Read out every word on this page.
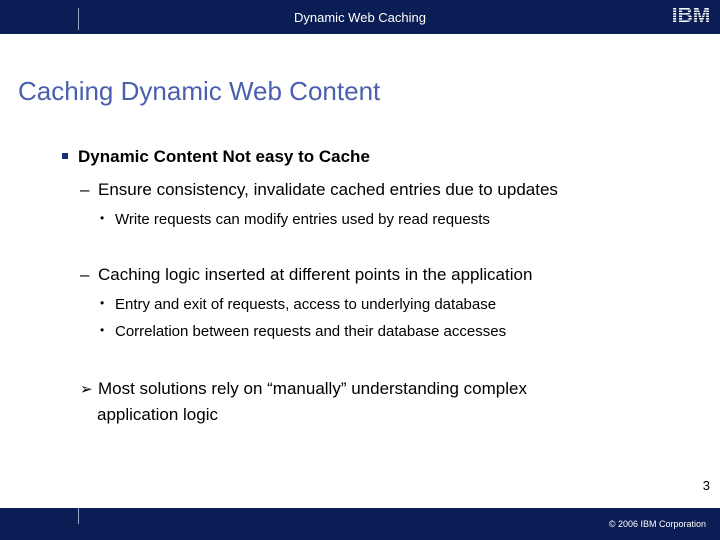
Dynamic Web Caching	IBM
Caching Dynamic Web Content
Dynamic Content Not easy to Cache
– Ensure consistency, invalidate cached entries due to updates
• Write requests can modify entries used by read requests
– Caching logic inserted at different points in the application
• Entry and exit of requests, access to underlying database
• Correlation between requests and their database accesses
➢ Most solutions rely on “manually” understanding complex
application logic
3
© 2006 IBM Corporation
